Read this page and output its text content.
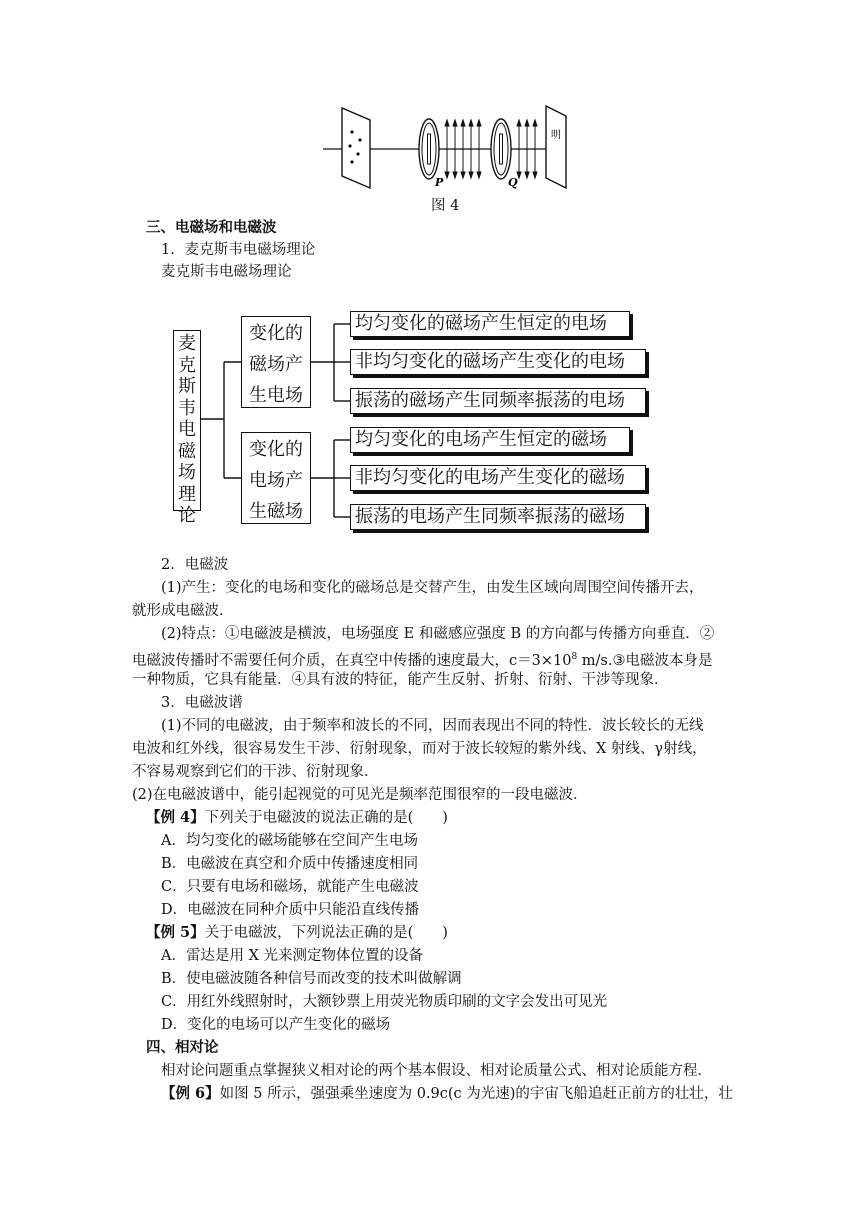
P	Q
明
图 4
三、电磁场和电磁波
1．麦克斯韦电磁场理论
麦克斯韦电磁场理论
麦
克
斯
韦
电
磁
场
理
论
变化的
磁场产
生电场
变化的
电场产
生磁场
均匀变化的磁场产生恒定的电场
非均匀变化的磁场产生变化的电场
振荡的磁场产生同频率振荡的电场
均匀变化的电场产生恒定的磁场
非均匀变化的电场产生变化的磁场
振荡的电场产生同频率振荡的磁场
2．电磁波
(1)产生：变化的电场和变化的磁场总是交替产生，由发生区域向周围空间传播开去，
就形成电磁波．
(2)特点：①电磁波是横波，电场强度 E 和磁感应强度 B 的方向都与传播方向垂直．②
电磁波传播时不需要任何介质，在真空中传播的速度最大，$c=3\times 10^8$ m/s.③电磁波本身是
一种物质，它具有能量．④具有波的特征，能产生反射、折射、衍射、干涉等现象．
3．电磁波谱
(1)不同的电磁波，由于频率和波长的不同，因而表现出不同的特性．波长较长的无线
电波和红外线，很容易发生干涉、衍射现象，而对于波长较短的紫外线、X 射线、γ射线，
不容易观察到它们的干涉、衍射现象．
(2)在电磁波谱中，能引起视觉的可见光是频率范围很窄的一段电磁波．
【例 4】下列关于电磁波的说法正确的是(　　)
A．均匀变化的磁场能够在空间产生电场
B．电磁波在真空和介质中传播速度相同
C．只要有电场和磁场，就能产生电磁波
D．电磁波在同种介质中只能沿直线传播
【例 5】关于电磁波，下列说法正确的是(　　)
A．雷达是用 X 光来测定物体位置的设备
B．使电磁波随各种信号而改变的技术叫做解调
C．用红外线照射时，大额钞票上用荧光物质印刷的文字会发出可见光
D．变化的电场可以产生变化的磁场
四、相对论
相对论问题重点掌握狭义相对论的两个基本假设、相对论质量公式、相对论质能方程．
【例 6】如图 5 所示，强强乘坐速度为 0.9c(c 为光速)的宇宙飞船追赶正前方的壮壮，壮
